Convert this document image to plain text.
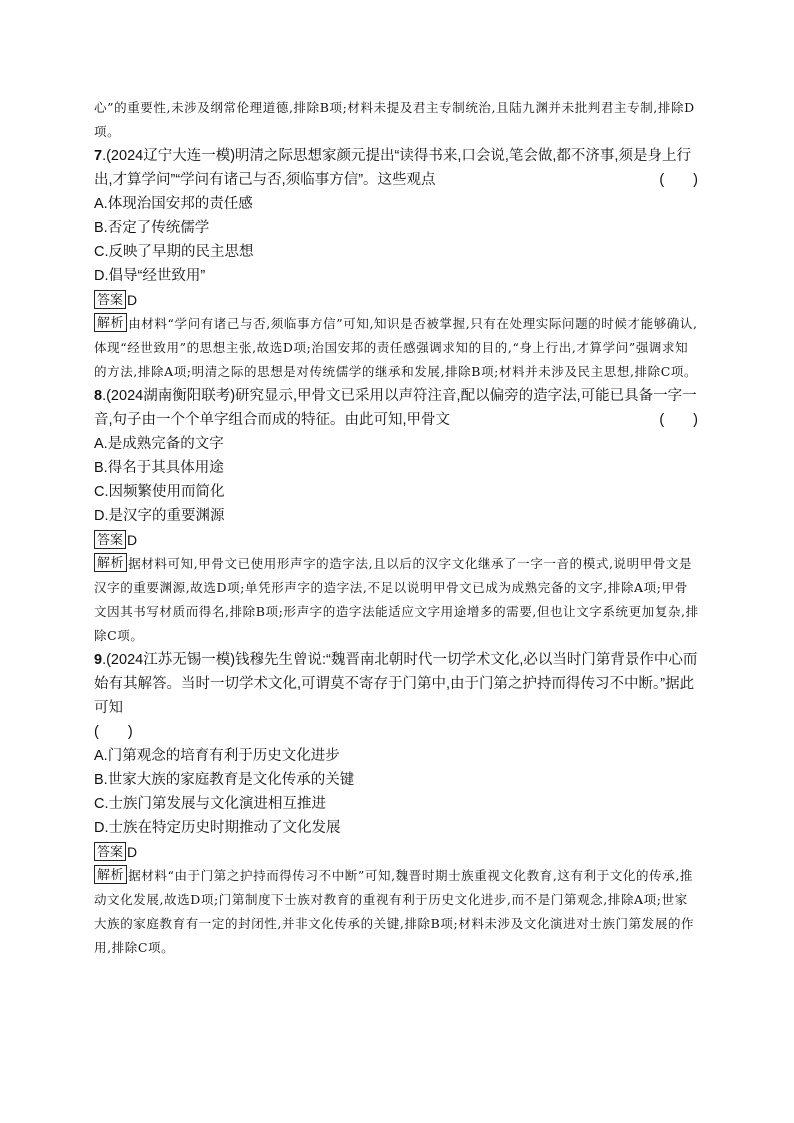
心”的重要性,未涉及纲常伦理道德,排除B项;材料未提及君主专制统治,且陆九渊并未批判君主专制,排除D项。

7.(2024辽宁大连一模)明清之际思想家颜元提出“读得书来,口会说,笔会做,都不济事,须是身上行出,才算学问”“学问有诸己与否,须临事方信”。这些观点	(　　)

A.体现治国安邦的责任感

B.否定了传统儒学

C.反映了早期的民主思想

D.倡导“经世致用”

答案 D

解析 由材料“学问有诸己与否,须临事方信”可知,知识是否被掌握,只有在处理实际问题的时候才能够确认,体现“经世致用”的思想主张,故选D项;治国安邦的责任感强调求知的目的,“身上行出,才算学问”强调求知的方法,排除A项;明清之际的思想是对传统儒学的继承和发展,排除B项;材料并未涉及民主思想,排除C项。

8.(2024湖南衡阳联考)研究显示,甲骨文已采用以声符注音,配以偏旁的造字法,可能已具备一字一音,句子由一个个单字组合而成的特征。由此可知,甲骨文	(　　)

A.是成熟完备的文字

B.得名于其具体用途

C.因频繁使用而简化

D.是汉字的重要渊源

答案 D

解析 据材料可知,甲骨文已使用形声字的造字法,且以后的汉字文化继承了一字一音的模式,说明甲骨文是汉字的重要渊源,故选D项;单凭形声字的造字法,不足以说明甲骨文已成为成熟完备的文字,排除A项;甲骨文因其书写材质而得名,排除B项;形声字的造字法能适应文字用途增多的需要,但也让文字系统更加复杂,排除C项。

9.(2024江苏无锡一模)钱穆先生曾说:“魏晋南北朝时代一切学术文化,必以当时门第背景作中心而始有其解答。当时一切学术文化,可谓莫不寄存于门第中,由于门第之护持而得传习不中断。”据此可知

(　　)

A.门第观念的培育有利于历史文化进步

B.世家大族的家庭教育是文化传承的关键

C.士族门第发展与文化演进相互推进

D.士族在特定历史时期推动了文化发展

答案 D

解析 据材料“由于门第之护持而得传习不中断”可知,魏晋时期士族重视文化教育,这有利于文化的传承,推动文化发展,故选D项;门第制度下士族对教育的重视有利于历史文化进步,而不是门第观念,排除A项;世家大族的家庭教育有一定的封闭性,并非文化传承的关键,排除B项;材料未涉及文化演进对士族门第发展的作用,排除C项。
